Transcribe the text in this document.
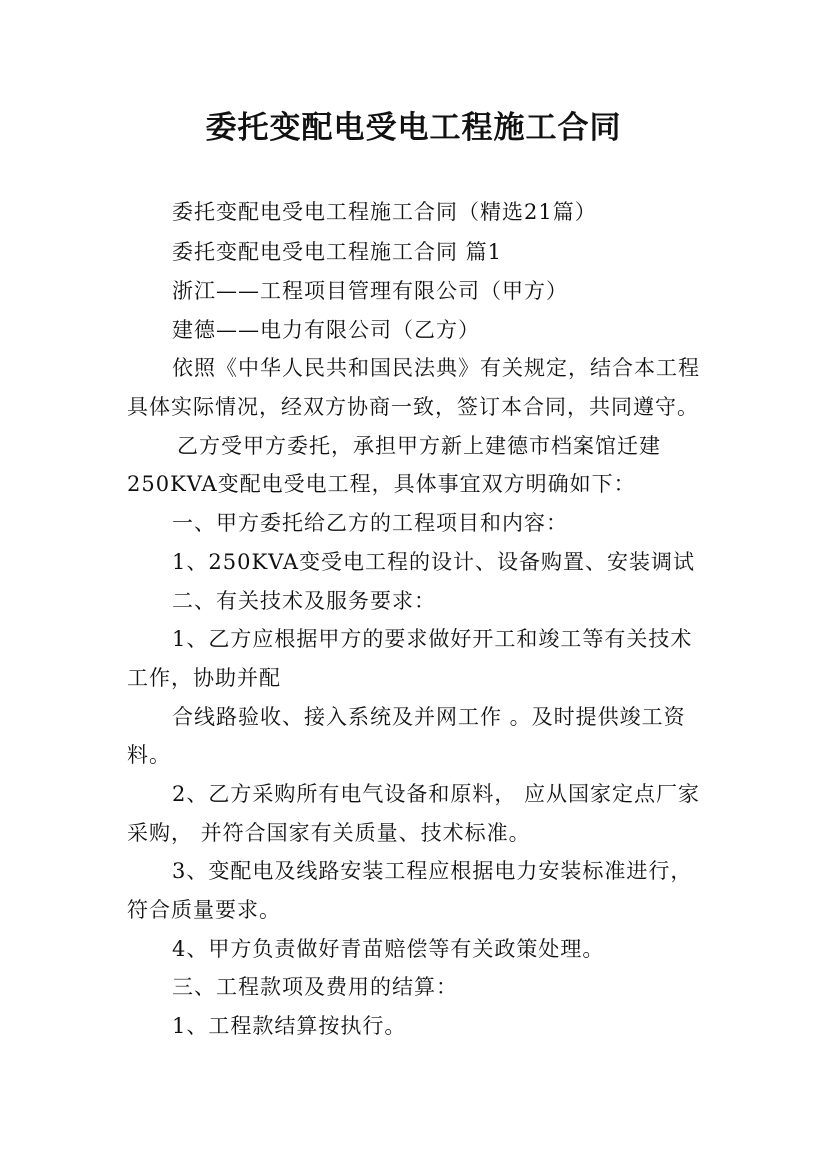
委托变配电受电工程施工合同
委托变配电受电工程施工合同（精选21篇）
委托变配电受电工程施工合同 篇1
浙江——工程项目管理有限公司（甲方）
建德——电力有限公司（乙方）
依照《中华人民共和国民法典》有关规定，结合本工程
具体实际情况，经双方协商一致，签订本合同，共同遵守。
乙方受甲方委托，承担甲方新上建德市档案馆迁建
250KVA变配电受电工程，具体事宜双方明确如下：
一、甲方委托给乙方的工程项目和内容：
1、250KVA变受电工程的设计、设备购置、安装调试
二、有关技术及服务要求：
1、乙方应根据甲方的要求做好开工和竣工等有关技术
工作，协助并配
合线路验收、接入系统及并网工作 。及时提供竣工资
料。
2、乙方采购所有电气设备和原料， 应从国家定点厂家
采购， 并符合国家有关质量、技术标准。
3、变配电及线路安装工程应根据电力安装标准进行，
符合质量要求。
4、甲方负责做好青苗赔偿等有关政策处理。
三、工程款项及费用的结算：
1、工程款结算按执行。
